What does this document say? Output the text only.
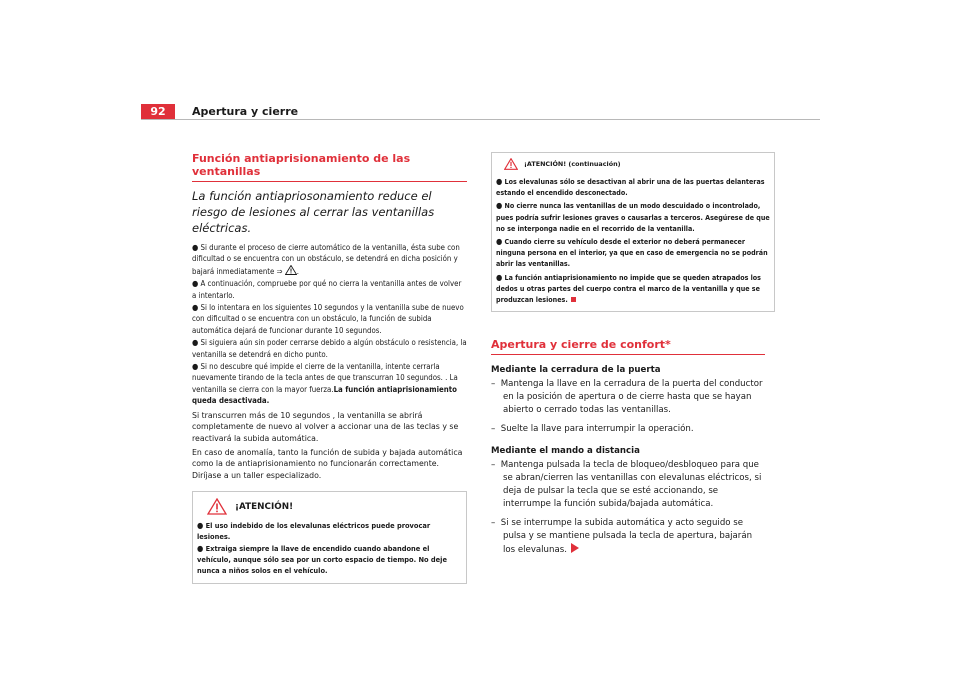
92	Apertura y cierre
Función antiaprisionamiento de las ventanillas

La función antiapriosonamiento reduce el riesgo de lesiones al cerrar las ventanillas eléctricas.

● Si durante el proceso de cierre automático de la ventanilla, ésta sube con dificultad o se encuentra con un obstáculo, se detendrá en dicha posición y bajará inmediatamente ⇒ .

● A continuación, compruebe por qué no cierra la ventanilla antes de volver a intentarlo.

● Si lo intentara en los siguientes 10 segundos y la ventanilla sube de nuevo con dificultad o se encuentra con un obstáculo, la función de subida automática dejará de funcionar durante 10 segundos.

● Si siguiera aún sin poder cerrarse debido a algún obstáculo o resistencia, la ventanilla se detendrá en dicho punto.

● Si no descubre qué impide el cierre de la ventanilla, intente cerrarla nuevamente tirando de la tecla antes de que transcurran 10 segundos. . La ventanilla se cierra con la mayor fuerza.La función antiaprisionamiento queda desactivada.

Si transcurren más de 10 segundos , la ventanilla se abrirá completamente de nuevo al volver a accionar una de las teclas y se reactivará la subida automática.

En caso de anomalía, tanto la función de subida y bajada automática como la de antiaprisionamiento no funcionarán correctamente. Diríjase a un taller especializado.

¡ATENCIÓN!

● El uso indebido de los elevalunas eléctricos puede provocar lesiones.

● Extraiga siempre la llave de encendido cuando abandone el vehículo, aunque sólo sea por un corto espacio de tiempo. No deje nunca a niños solos en el vehículo.

¡ATENCIÓN! (continuación)

● Los elevalunas sólo se desactivan al abrir una de las puertas delanteras estando el encendido desconectado.

● No cierre nunca las ventanillas de un modo descuidado o incontrolado, pues podría sufrir lesiones graves o causarlas a terceros. Asegúrese de que no se interponga nadie en el recorrido de la ventanilla.

● Cuando cierre su vehículo desde el exterior no deberá permanecer ninguna persona en el interior, ya que en caso de emergencia no se podrán abrir las ventanillas.

● La función antiaprisionamiento no impide que se queden atrapados los dedos u otras partes del cuerpo contra el marco de la ventanilla y que se produzcan lesiones.

Apertura y cierre de confort*
Mediante la cerradura de la puerta

–  Mantenga la llave en la cerradura de la puerta del conductor en la posición de apertura o de cierre hasta que se hayan abierto o cerrado todas las ventanillas.

–  Suelte la llave para interrumpir la operación.

Mediante el mando a distancia

–  Mantenga pulsada la tecla de bloqueo/desbloqueo para que se abran/cierren las ventanillas con elevalunas eléctricos, si deja de pulsar la tecla que se esté accionando, se interrumpe la función subida/bajada automática.

–  Si se interrumpe la subida automática y acto seguido se pulsa y se mantiene pulsada la tecla de apertura, bajarán los elevalunas.
